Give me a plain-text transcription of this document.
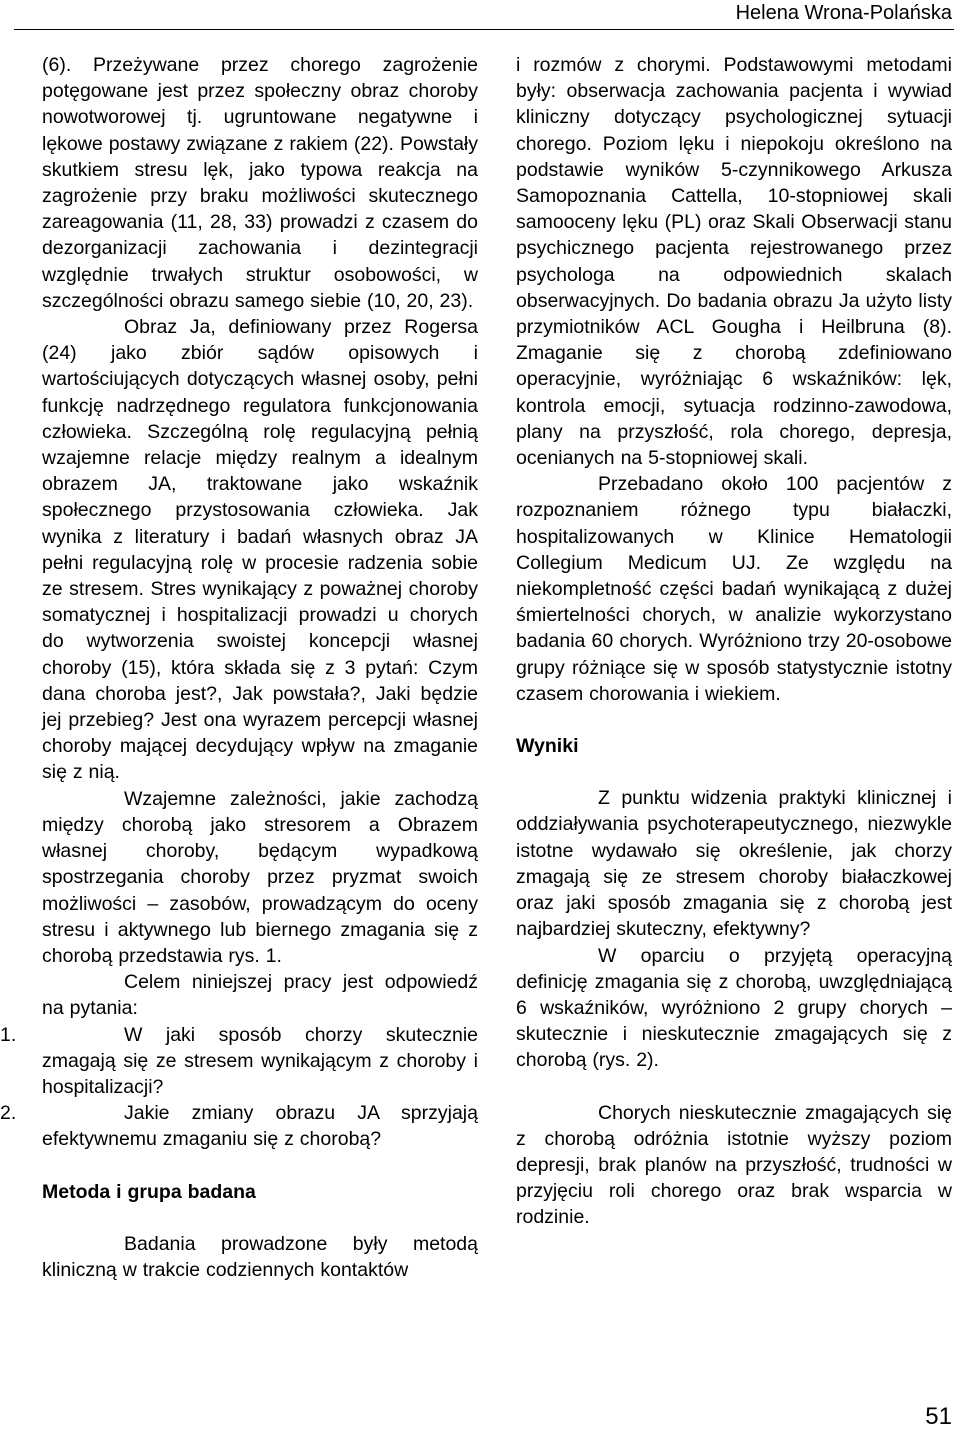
Helena Wrona-Polańska

(6). Przeżywane przez chorego zagrożenie potęgowane jest przez społeczny obraz choroby nowotworowej tj. ugruntowane negatywne i lękowe postawy związane z rakiem (22). Powstały skutkiem stresu lęk, jako typowa reakcja na zagrożenie przy braku możliwości skutecznego zareagowania (11, 28, 33) prowadzi z czasem do dezorganizacji zachowania i dezintegracji względnie trwałych struktur osobowości, w szczególności obrazu samego siebie (10, 20, 23).

Obraz Ja, definiowany przez Rogersa (24) jako zbiór sądów opisowych i wartościujących dotyczących własnej osoby, pełni funkcję nadrzędnego regulatora funkcjonowania człowieka. Szczególną rolę regulacyjną pełnią wzajemne relacje między realnym a idealnym obrazem JA, traktowane jako wskaźnik społecznego przystosowania człowieka. Jak wynika z literatury i badań własnych obraz JA pełni regulacyjną rolę w procesie radzenia sobie ze stresem. Stres wynikający z poważnej choroby somatycznej i hospitalizacji prowadzi u chorych do wytworzenia swoistej koncepcji własnej choroby (15), która składa się z 3 pytań: Czym dana choroba jest?, Jak powstała?, Jaki będzie jej przebieg? Jest ona wyrazem percepcji własnej choroby mającej decydujący wpływ na zmaganie się z nią.

Wzajemne zależności, jakie zachodzą między chorobą jako stresorem a Obrazem własnej choroby, będącym wypadkową spostrzegania choroby przez pryzmat swoich możliwości – zasobów, prowadzącym do oceny stresu i aktywnego lub biernego zmagania się z chorobą przedstawia rys. 1.

Celem niniejszej pracy jest odpowiedź na pytania:

1.	W jaki sposób chorzy skutecznie zmagają się ze stresem wynikającym z choroby i hospitalizacji?

2.	Jakie zmiany obrazu JA sprzyjają efektywnemu zmaganiu się z chorobą?

Metoda i grupa badana

Badania prowadzone były metodą kliniczną w trakcie codziennych kontaktów

i rozmów z chorymi. Podstawowymi metodami były: obserwacja zachowania pacjenta i wywiad kliniczny dotyczący psychologicznej sytuacji chorego. Poziom lęku i niepokoju określono na podstawie wyników 5-czynnikowego Arkusza Samopoznania Cattella, 10-stopniowej skali samooceny lęku (PL) oraz Skali Obserwacji stanu psychicznego pacjenta rejestrowanego przez psychologa na odpowiednich skalach obserwacyjnych. Do badania obrazu Ja użyto listy przymiotników ACL Gougha i Heilbruna (8). Zmaganie się z chorobą zdefiniowano operacyjnie, wyróżniając 6 wskaźników: lęk, kontrola emocji, sytuacja rodzinno-zawodowa, plany na przyszłość, rola chorego, depresja, ocenianych na 5-stopniowej skali.

Przebadano około 100 pacjentów z rozpoznaniem różnego typu białaczki, hospitalizowanych w Klinice Hematologii Collegium Medicum UJ. Ze względu na niekompletność części badań wynikającą z dużej śmiertelności chorych, w analizie wykorzystano badania 60 chorych. Wyróżniono trzy 20-osobowe grupy różniące się w sposób statystycznie istotny czasem chorowania i wiekiem.

Wyniki

Z punktu widzenia praktyki klinicznej i oddziaływania psychoterapeutycznego, niezwykle istotne wydawało się określenie, jak chorzy zmagają się ze stresem choroby białaczkowej oraz jaki sposób zmagania się z chorobą jest najbardziej skuteczny, efektywny?

W oparciu o przyjętą operacyjną definicję zmagania się z chorobą, uwzględniającą 6 wskaźników, wyróżniono 2 grupy chorych – skutecznie i nieskutecznie zmagających się z chorobą (rys. 2).

Chorych nieskutecznie zmagających się z chorobą odróżnia istotnie wyższy poziom depresji, brak planów na przyszłość, trudności w przyjęciu roli chorego oraz brak wsparcia w rodzinie.

51
